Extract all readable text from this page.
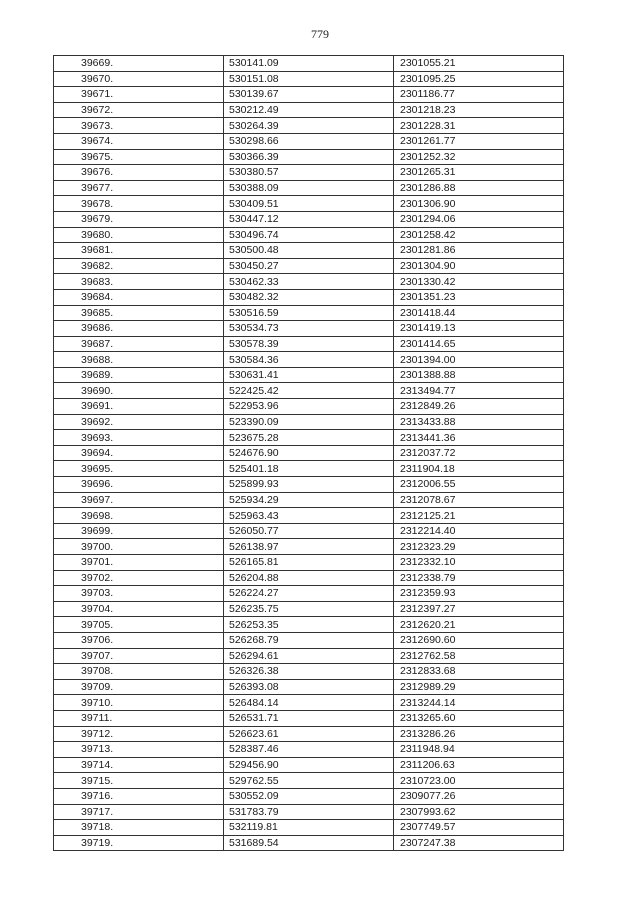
779
39669.	530141.09	2301055.21
39670.	530151.08	2301095.25
39671.	530139.67	2301186.77
39672.	530212.49	2301218.23
39673.	530264.39	2301228.31
39674.	530298.66	2301261.77
39675.	530366.39	2301252.32
39676.	530380.57	2301265.31
39677.	530388.09	2301286.88
39678.	530409.51	2301306.90
39679.	530447.12	2301294.06
39680.	530496.74	2301258.42
39681.	530500.48	2301281.86
39682.	530450.27	2301304.90
39683.	530462.33	2301330.42
39684.	530482.32	2301351.23
39685.	530516.59	2301418.44
39686.	530534.73	2301419.13
39687.	530578.39	2301414.65
39688.	530584.36	2301394.00
39689.	530631.41	2301388.88
39690.	522425.42	2313494.77
39691.	522953.96	2312849.26
39692.	523390.09	2313433.88
39693.	523675.28	2313441.36
39694.	524676.90	2312037.72
39695.	525401.18	2311904.18
39696.	525899.93	2312006.55
39697.	525934.29	2312078.67
39698.	525963.43	2312125.21
39699.	526050.77	2312214.40
39700.	526138.97	2312323.29
39701.	526165.81	2312332.10
39702.	526204.88	2312338.79
39703.	526224.27	2312359.93
39704.	526235.75	2312397.27
39705.	526253.35	2312620.21
39706.	526268.79	2312690.60
39707.	526294.61	2312762.58
39708.	526326.38	2312833.68
39709.	526393.08	2312989.29
39710.	526484.14	2313244.14
39711.	526531.71	2313265.60
39712.	526623.61	2313286.26
39713.	528387.46	2311948.94
39714.	529456.90	2311206.63
39715.	529762.55	2310723.00
39716.	530552.09	2309077.26
39717.	531783.79	2307993.62
39718.	532119.81	2307749.57
39719.	531689.54	2307247.38
